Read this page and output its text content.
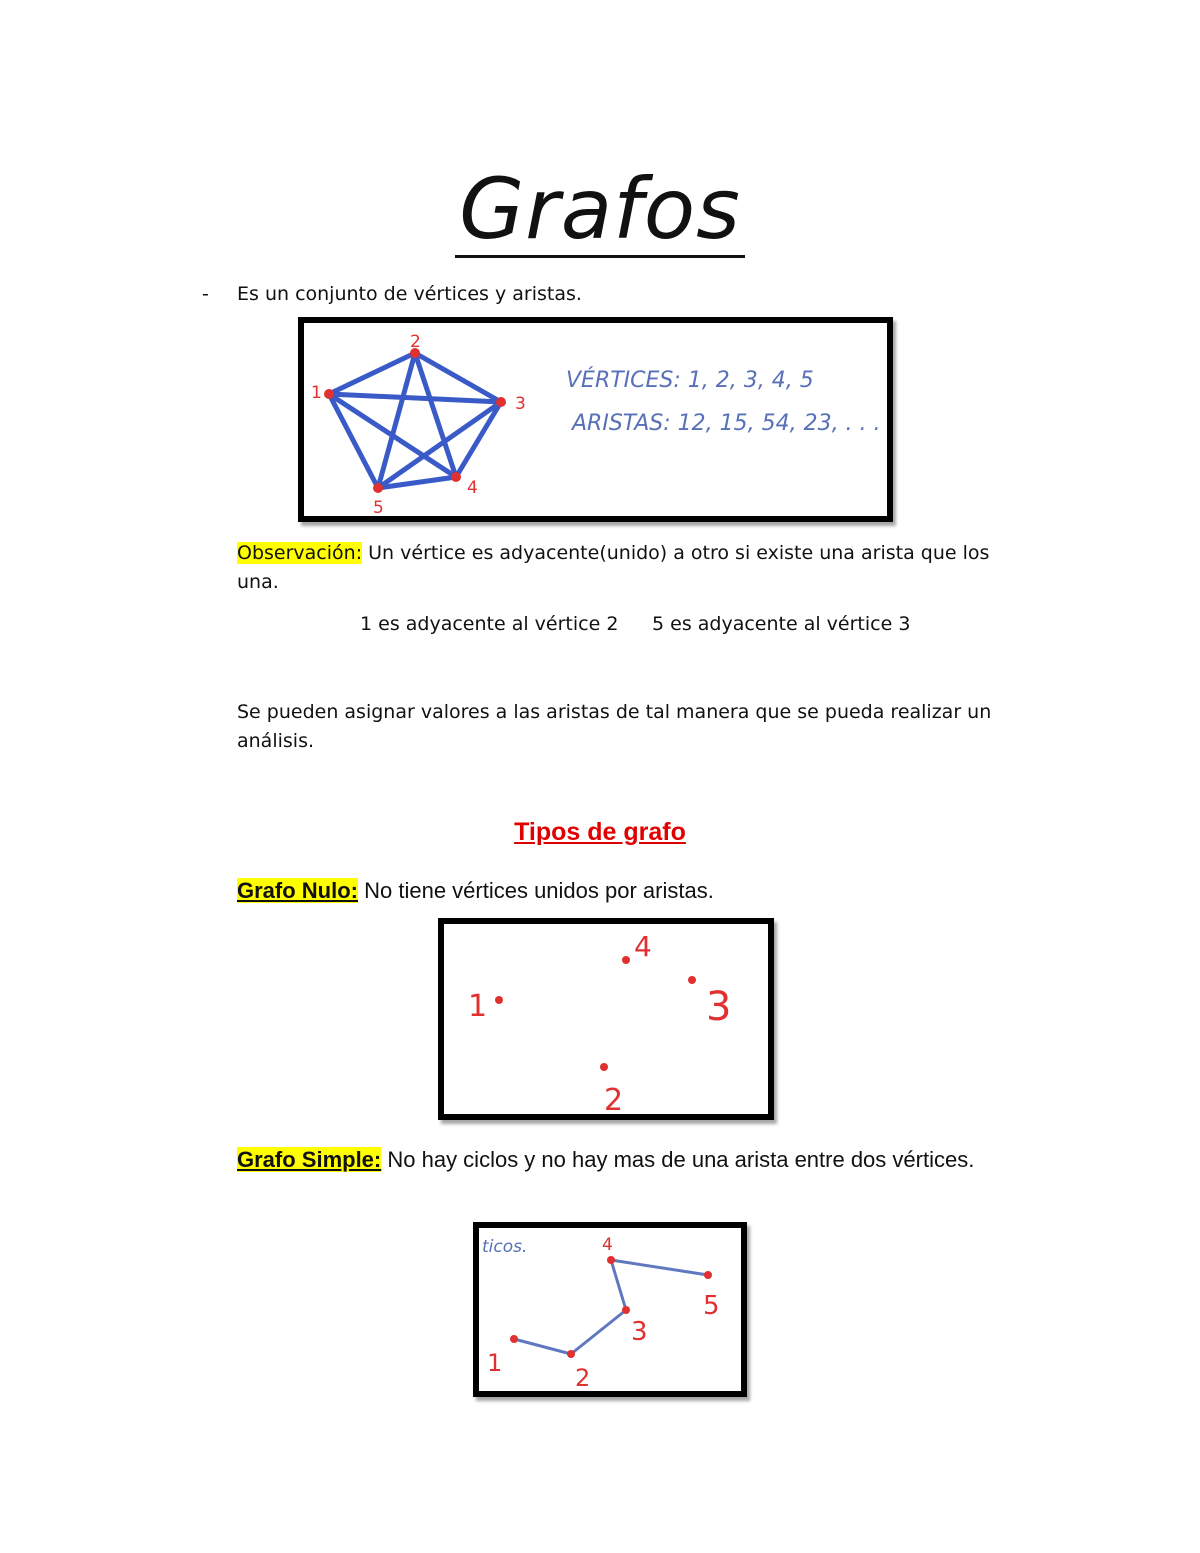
Grafos
- Es un conjunto de vértices y aristas.
1
2
3
4
5
VÉRTICES: 1, 2, 3, 4, 5
ARISTAS: 12, 15, 54, 23, . . .
Observación: Un vértice es adyacente(unido) a otro si existe una arista que los una.
1 es adyacente al vértice 2 5 es adyacente al vértice 3
Se pueden asignar valores a las aristas de tal manera que se pueda realizar un análisis.
Tipos de grafo
Grafo Nulo: No tiene vértices unidos por aristas.
1
4
3
2
Grafo Simple: No hay ciclos y no hay mas de una arista entre dos vértices.
ticos.
1
2
3
4
5
